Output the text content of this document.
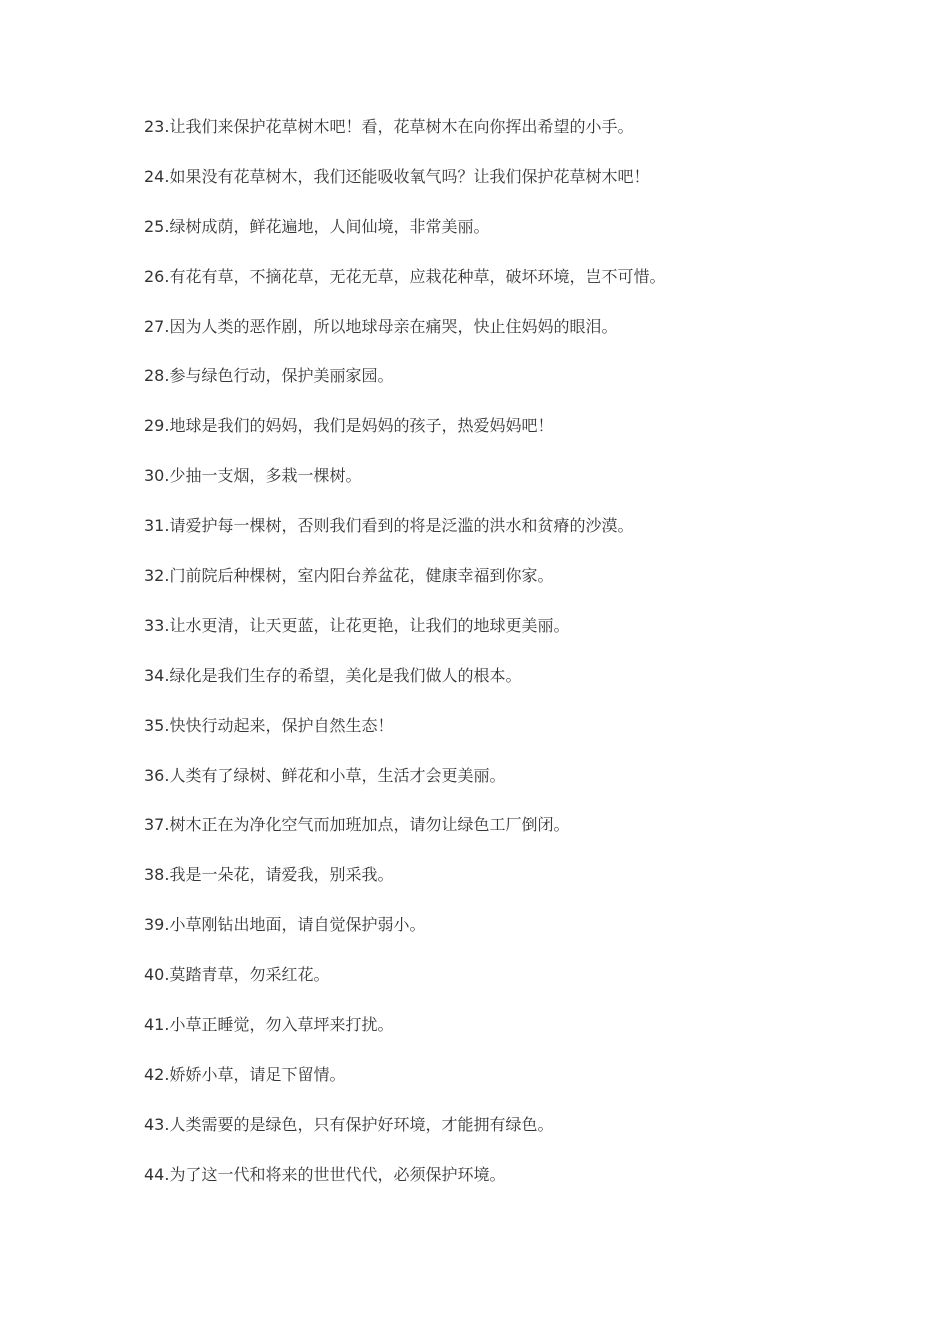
23.让我们来保护花草树木吧！看，花草树木在向你挥出希望的小手。
24.如果没有花草树木，我们还能吸收氧气吗？让我们保护花草树木吧！
25.绿树成荫，鲜花遍地，人间仙境，非常美丽。
26.有花有草，不摘花草，无花无草，应栽花种草，破坏环境，岂不可惜。
27.因为人类的恶作剧，所以地球母亲在痛哭，快止住妈妈的眼泪。
28.参与绿色行动，保护美丽家园。
29.地球是我们的妈妈，我们是妈妈的孩子，热爱妈妈吧！
30.少抽一支烟，多栽一棵树。
31.请爱护每一棵树，否则我们看到的将是泛滥的洪水和贫瘠的沙漠。
32.门前院后种棵树，室内阳台养盆花，健康幸福到你家。
33.让水更清，让天更蓝，让花更艳，让我们的地球更美丽。
34.绿化是我们生存的希望，美化是我们做人的根本。
35.快快行动起来，保护自然生态！
36.人类有了绿树、鲜花和小草，生活才会更美丽。
37.树木正在为净化空气而加班加点，请勿让绿色工厂倒闭。
38.我是一朵花，请爱我，别采我。
39.小草刚钻出地面，请自觉保护弱小。
40.莫踏青草，勿采红花。
41.小草正睡觉，勿入草坪来打扰。
42.娇娇小草，请足下留情。
43.人类需要的是绿色，只有保护好环境，才能拥有绿色。
44.为了这一代和将来的世世代代，必须保护环境。
